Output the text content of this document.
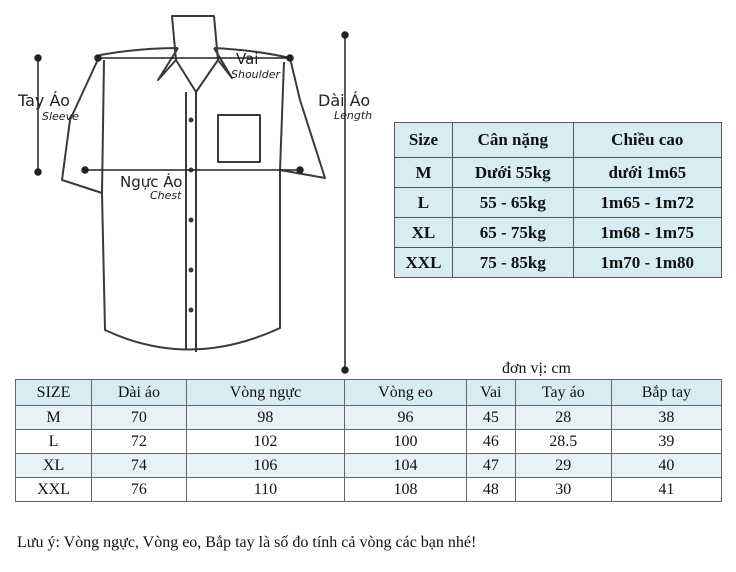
Tay Áo
Sleeve
Vai
Shoulder
Dài Áo
Length
Ngực Áo
Chest
Size	Cân nặng	Chiều cao
M	Dưới 55kg	dưới 1m65
L	55 - 65kg	1m65 - 1m72
XL	65 - 75kg	1m68 - 1m75
XXL	75 - 85kg	1m70 - 1m80
đơn vị: cm
SIZE	Dài áo	Vòng ngực	Vòng eo	Vai	Tay áo	Bắp tay
M	70	98	96	45	28	38
L	72	102	100	46	28.5	39
XL	74	106	104	47	29	40
XXL	76	110	108	48	30	41
Lưu ý: Vòng ngực, Vòng eo, Bắp tay là số đo tính cả vòng các bạn nhé!
